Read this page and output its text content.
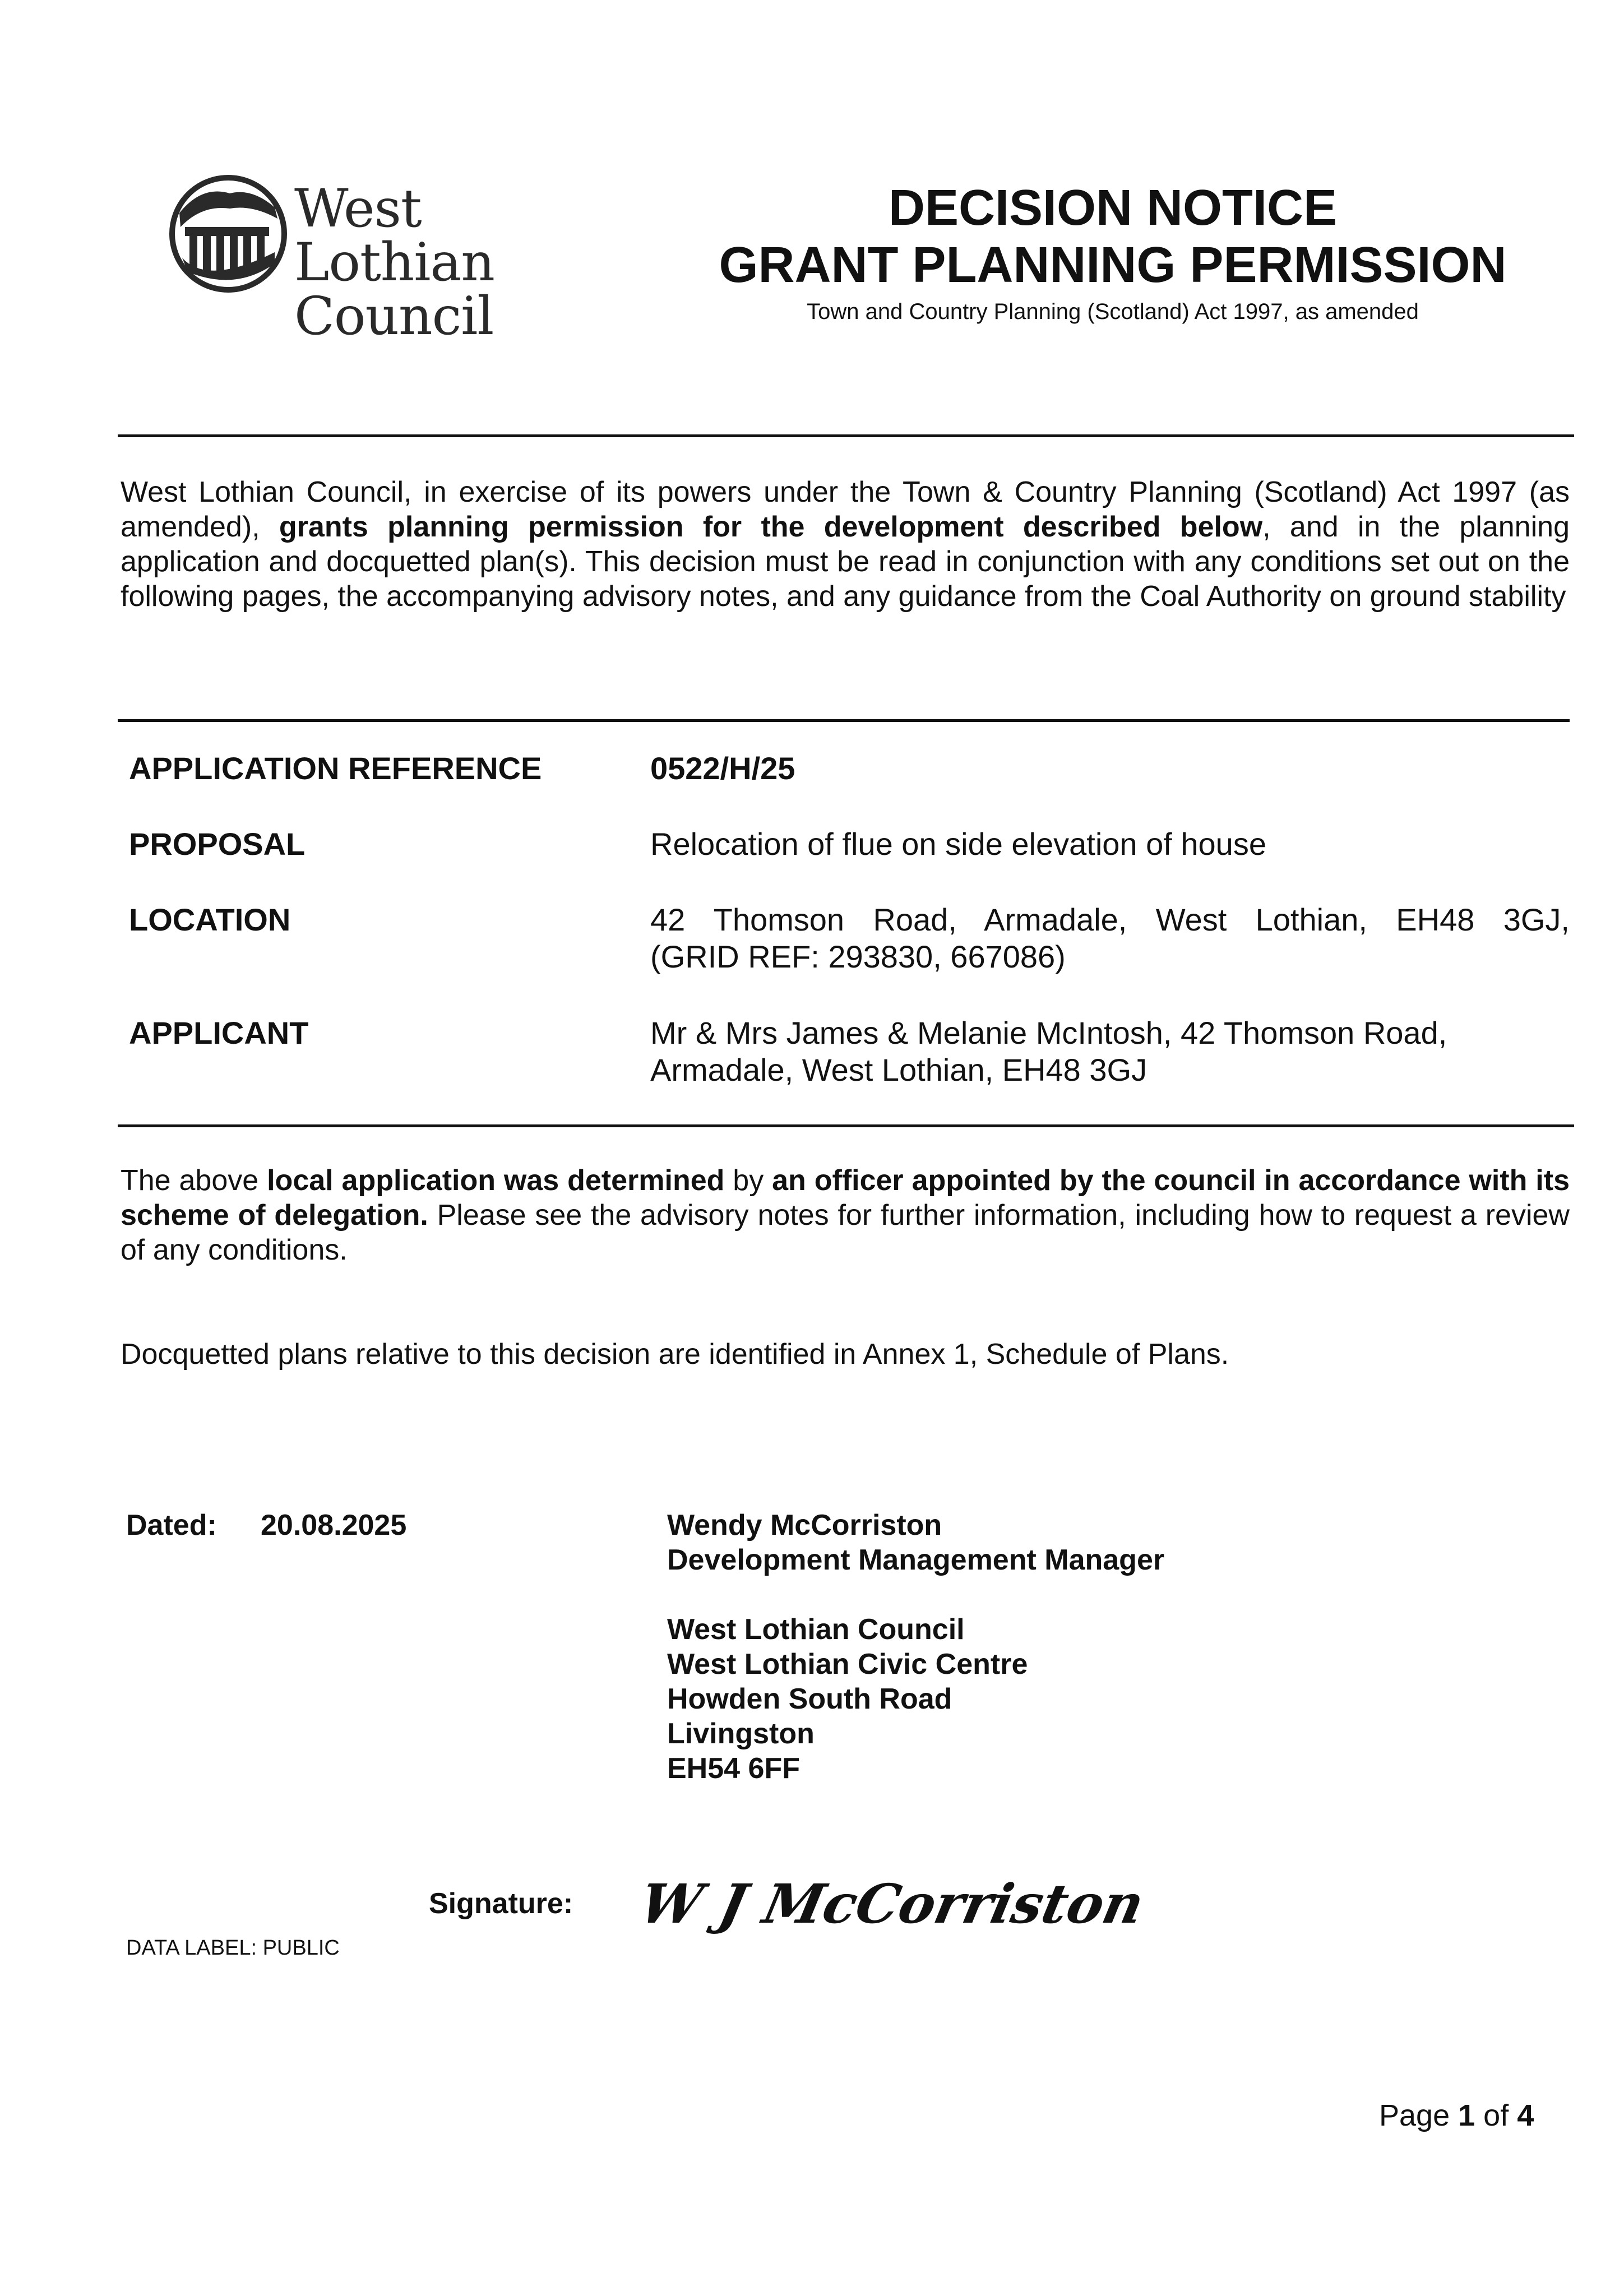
West Lothian
Council
DECISION NOTICE
GRANT PLANNING PERMISSION
Town and Country Planning (Scotland) Act 1997, as amended
West Lothian Council, in exercise of its powers under the Town & Country Planning (Scotland) Act 1997 (as amended), grants planning permission for the development described below, and in the planning application and docquetted plan(s). This decision must be read in conjunction with any conditions set out on the following pages, the accompanying advisory notes, and any guidance from the Coal Authority on ground stability
APPLICATION REFERENCE	0522/H/25
PROPOSAL	Relocation of flue on side elevation of house
LOCATION	42 Thomson Road, Armadale, West Lothian, EH48 3GJ,
(GRID REF: 293830, 667086)
APPLICANT	Mr & Mrs James & Melanie McIntosh, 42 Thomson Road,
Armadale, West Lothian, EH48 3GJ
The above local application was determined by an officer appointed by the council in accordance with its scheme of delegation. Please see the advisory notes for further information, including how to request a review of any conditions.
Docquetted plans relative to this decision are identified in Annex 1, Schedule of Plans.
Dated: 20.08.2025	Wendy McCorriston
Development Management Manager
West Lothian Council
West Lothian Civic Centre
Howden South Road
Livingston
EH54 6FF
Signature: W J McCorriston
DATA LABEL: PUBLIC
Page 1 of 4
